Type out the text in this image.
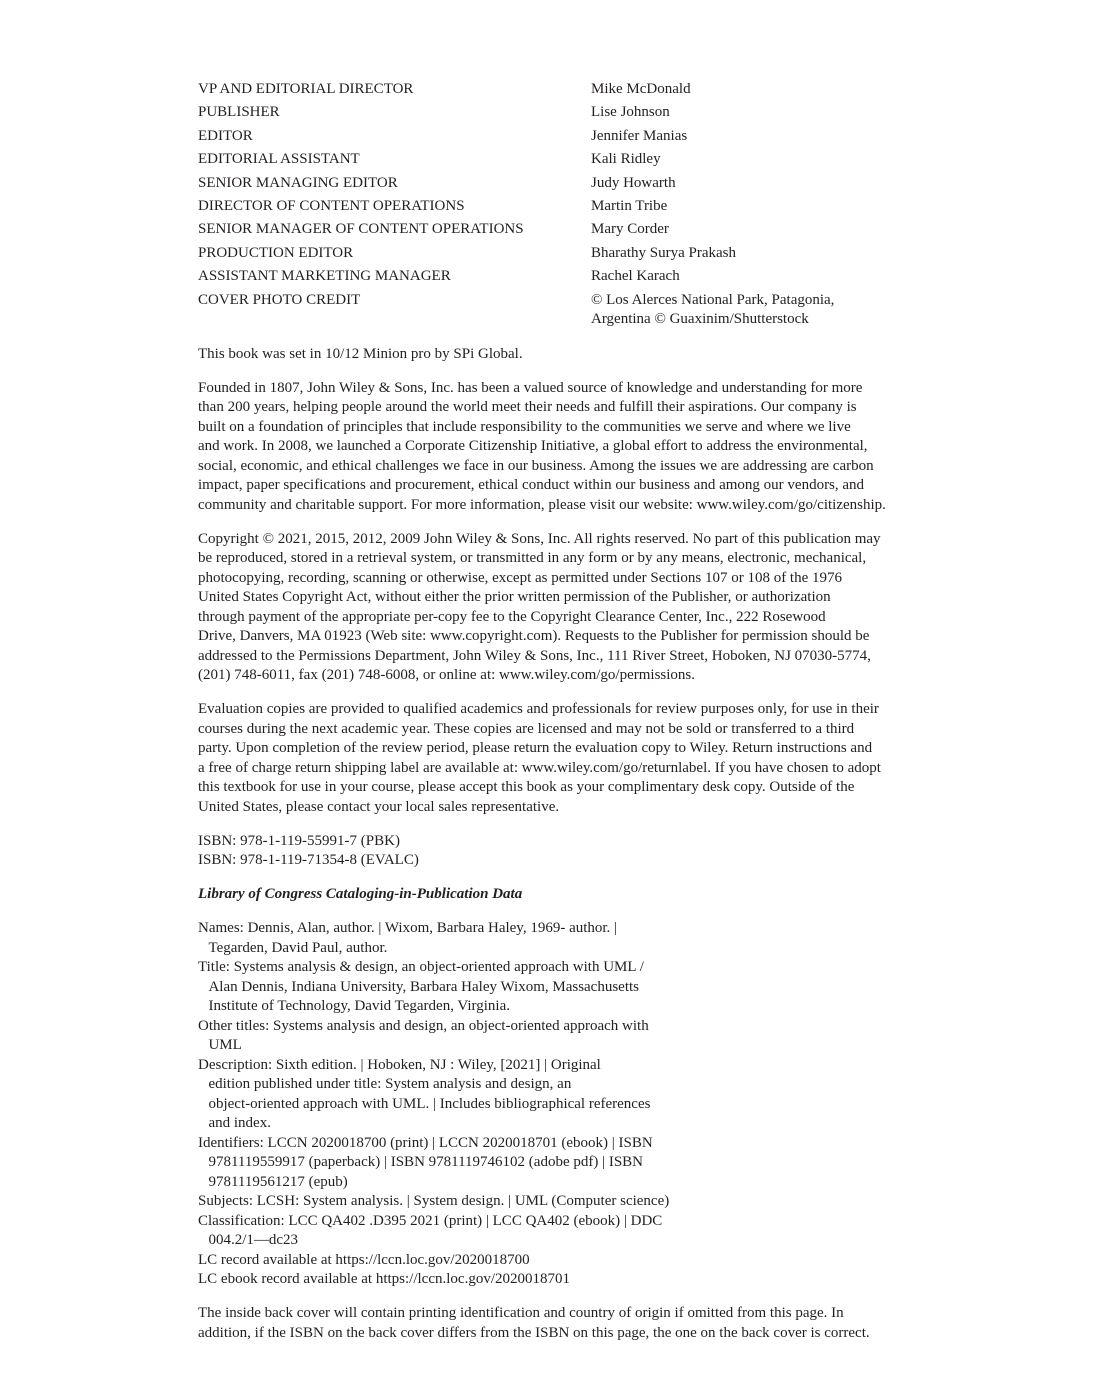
VP AND EDITORIAL DIRECTOR	Mike McDonald
PUBLISHER	Lise Johnson
EDITOR	Jennifer Manias
EDITORIAL ASSISTANT	Kali Ridley
SENIOR MANAGING EDITOR	Judy Howarth
DIRECTOR OF CONTENT OPERATIONS	Martin Tribe
SENIOR MANAGER OF CONTENT OPERATIONS	Mary Corder
PRODUCTION EDITOR	Bharathy Surya Prakash
ASSISTANT MARKETING MANAGER	Rachel Karach
COVER PHOTO CREDIT	© Los Alerces National Park, Patagonia,
Argentina © Guaxinim/Shutterstock
This book was set in 10/12 Minion pro by SPi Global.
Founded in 1807, John Wiley & Sons, Inc. has been a valued source of knowledge and understanding for more
than 200 years, helping people around the world meet their needs and fulfill their aspirations. Our company is
built on a foundation of principles that include responsibility to the communities we serve and where we live
and work. In 2008, we launched a Corporate Citizenship Initiative, a global effort to address the environmental,
social, economic, and ethical challenges we face in our business. Among the issues we are addressing are carbon
impact, paper specifications and procurement, ethical conduct within our business and among our vendors, and
community and charitable support. For more information, please visit our website: www.wiley.com/go/citizenship.
Copyright © 2021, 2015, 2012, 2009 John Wiley & Sons, Inc. All rights reserved. No part of this publication may
be reproduced, stored in a retrieval system, or transmitted in any form or by any means, electronic, mechanical,
photocopying, recording, scanning or otherwise, except as permitted under Sections 107 or 108 of the 1976
United States Copyright Act, without either the prior written permission of the Publisher, or authorization
through payment of the appropriate per-copy fee to the Copyright Clearance Center, Inc., 222 Rosewood
Drive, Danvers, MA 01923 (Web site: www.copyright.com). Requests to the Publisher for permission should be
addressed to the Permissions Department, John Wiley & Sons, Inc., 111 River Street, Hoboken, NJ 07030-5774,
(201) 748-6011, fax (201) 748-6008, or online at: www.wiley.com/go/permissions.
Evaluation copies are provided to qualified academics and professionals for review purposes only, for use in their
courses during the next academic year. These copies are licensed and may not be sold or transferred to a third
party. Upon completion of the review period, please return the evaluation copy to Wiley. Return instructions and
a free of charge return shipping label are available at: www.wiley.com/go/returnlabel. If you have chosen to adopt
this textbook for use in your course, please accept this book as your complimentary desk copy. Outside of the
United States, please contact your local sales representative.
ISBN: 978-1-119-55991-7 (PBK)
ISBN: 978-1-119-71354-8 (EVALC)
Library of Congress Cataloging-in-Publication Data
Names: Dennis, Alan, author. | Wixom, Barbara Haley, 1969- author. |
>Tegarden, David Paul, author.
Title: Systems analysis & design, an object-oriented approach with UML /
>Alan Dennis, Indiana University, Barbara Haley Wixom, Massachusetts
>Institute of Technology, David Tegarden, Virginia.
Other titles: Systems analysis and design, an object-oriented approach with
>UML
Description: Sixth edition. | Hoboken, NJ : Wiley, [2021] | Original
>edition published under title: System analysis and design, an
>object-oriented approach with UML. | Includes bibliographical references
>and index.
Identifiers: LCCN 2020018700 (print) | LCCN 2020018701 (ebook) | ISBN
>9781119559917 (paperback) | ISBN 9781119746102 (adobe pdf) | ISBN
>9781119561217 (epub)
Subjects: LCSH: System analysis. | System design. | UML (Computer science)
Classification: LCC QA402 .D395 2021 (print) | LCC QA402 (ebook) | DDC
>004.2/1—dc23
LC record available at https://lccn.loc.gov/2020018700
LC ebook record available at https://lccn.loc.gov/2020018701
The inside back cover will contain printing identification and country of origin if omitted from this page. In
addition, if the ISBN on the back cover differs from the ISBN on this page, the one on the back cover is correct.
